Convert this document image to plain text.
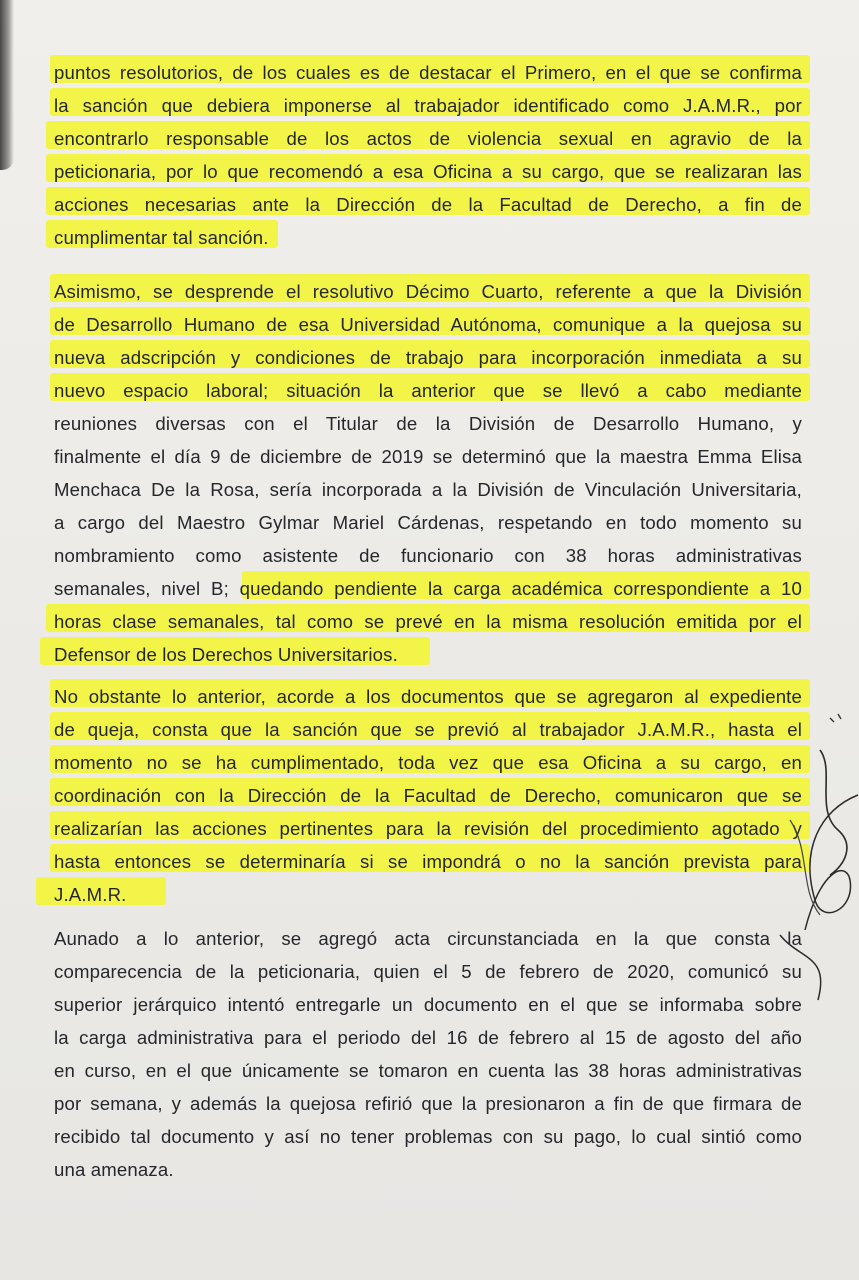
puntos resolutorios, de los cuales es de destacar el Primero, en el que se confirma
la sanción que debiera imponerse al trabajador identificado como J.A.M.R., por
encontrarlo responsable de los actos de violencia sexual en agravio de la
peticionaria, por lo que recomendó a esa Oficina a su cargo, que se realizaran las
acciones necesarias ante la Dirección de la Facultad de Derecho, a fin de
cumplimentar tal sanción.
Asimismo, se desprende el resolutivo Décimo Cuarto, referente a que la División
de Desarrollo Humano de esa Universidad Autónoma, comunique a la quejosa su
nueva adscripción y condiciones de trabajo para incorporación inmediata a su
nuevo espacio laboral; situación la anterior que se llevó a cabo mediante
reuniones diversas con el Titular de la División de Desarrollo Humano, y
finalmente el día 9 de diciembre de 2019 se determinó que la maestra Emma Elisa
Menchaca De la Rosa, sería incorporada a la División de Vinculación Universitaria,
a cargo del Maestro Gylmar Mariel Cárdenas, respetando en todo momento su
nombramiento como asistente de funcionario con 38 horas administrativas
semanales, nivel B; quedando pendiente la carga académica correspondiente a 10
horas clase semanales, tal como se prevé en la misma resolución emitida por el
Defensor de los Derechos Universitarios.
No obstante lo anterior, acorde a los documentos que se agregaron al expediente
de queja, consta que la sanción que se previó al trabajador J.A.M.R., hasta el
momento no se ha cumplimentado, toda vez que esa Oficina a su cargo, en
coordinación con la Dirección de la Facultad de Derecho, comunicaron que se
realizarían las acciones pertinentes para la revisión del procedimiento agotado y
hasta entonces se determinaría si se impondrá o no la sanción prevista para
J.A.M.R.
Aunado a lo anterior, se agregó acta circunstanciada en la que consta la
comparecencia de la peticionaria, quien el 5 de febrero de 2020, comunicó su
superior jerárquico intentó entregarle un documento en el que se informaba sobre
la carga administrativa para el periodo del 16 de febrero al 15 de agosto del año
en curso, en el que únicamente se tomaron en cuenta las 38 horas administrativas
por semana, y además la quejosa refirió que la presionaron a fin de que firmara de
recibido tal documento y así no tener problemas con su pago, lo cual sintió como
una amenaza.
